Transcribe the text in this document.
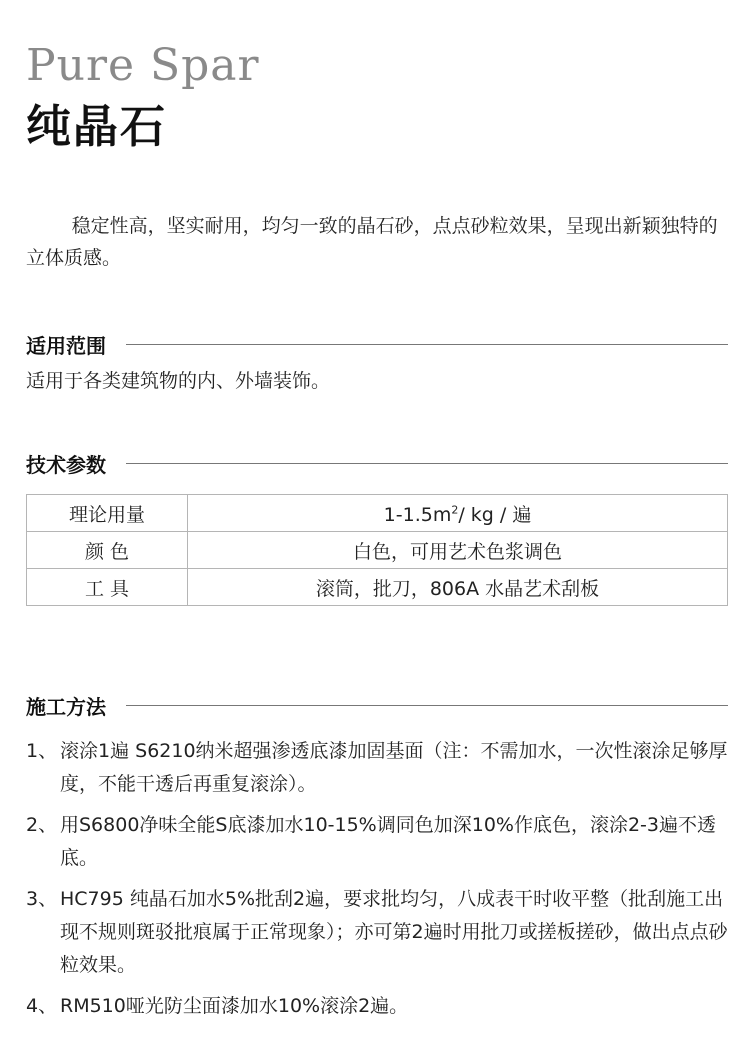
Pure Spar
纯晶石

稳定性高，坚实耐用，均匀一致的晶石砂，点点砂粒效果，呈现出新颖独特的立体质感。

适用范围
适用于各类建筑物的内、外墙装饰。
技术参数
理论用量	$1-1.5m^2/$ kg / 遍
颜 色	白色，可用艺术色浆调色
工 具	滚筒，批刀，806A 水晶艺术刮板
施工方法
1、 滚涂1遍 S6210纳米超强渗透底漆加固基面（注：不需加水，一次性滚涂足够厚度，不能干透后再重复滚涂）。
2、 用S6800净味全能S底漆加水10-15%调同色加深10%作底色，滚涂2-3遍不透底。
3、 HC795 纯晶石加水5%批刮2遍，要求批均匀，八成表干时收平整（批刮施工出现不规则斑驳批痕属于正常现象）；亦可第2遍时用批刀或搓板搓砂，做出点点砂粒效果。
4、 RM510哑光防尘面漆加水10%滚涂2遍。
